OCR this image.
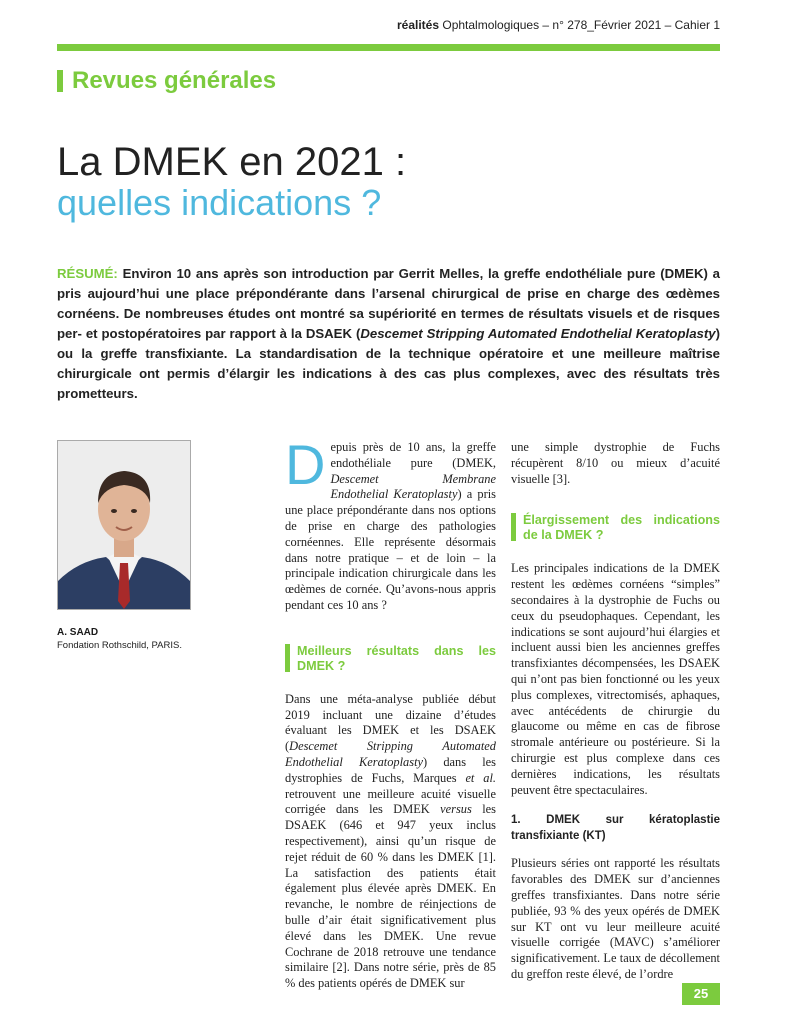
réalités Ophtalmologiques – n° 278_Février 2021 – Cahier 1
Revues générales
La DMEK en 2021 :
quelles indications ?
RÉSUMÉ: Environ 10 ans après son introduction par Gerrit Melles, la greffe endothéliale pure (DMEK) a pris aujourd’hui une place prépondérante dans l’arsenal chirurgical de prise en charge des œdèmes cornéens. De nombreuses études ont montré sa supériorité en termes de résultats visuels et de risques per- et postopératoires par rapport à la DSAEK (Descemet Stripping Automated Endothelial Keratoplasty) ou la greffe transfixiante. La standardisation de la technique opératoire et une meilleure maîtrise chirurgicale ont permis d’élargir les indications à des cas plus complexes, avec des résultats très prometteurs.
A. SAAD
Fondation Rothschild, PARIS.

Depuis près de 10 ans, la greffe endothéliale pure (DMEK, Descemet Membrane Endothelial Keratoplasty) a pris une place prépondérante dans nos options de prise en charge des pathologies cornéennes. Elle représente désormais dans notre pratique – et de loin – la principale indication chirurgicale dans les œdèmes de cornée. Qu’avons-nous appris pendant ces 10 ans ?

Meilleurs résultats dans les DMEK ?

Dans une méta-analyse publiée début 2019 incluant une dizaine d’études évaluant les DMEK et les DSAEK (Descemet Stripping Automated Endothelial Keratoplasty) dans les dystrophies de Fuchs, Marques et al. retrouvent une meilleure acuité visuelle corrigée dans les DMEK versus les DSAEK (646 et 947 yeux inclus respectivement), ainsi qu’un risque de rejet réduit de 60 % dans les DMEK [1]. La satisfaction des patients était également plus élevée après DMEK. En revanche, le nombre de réinjections de bulle d’air était significativement plus élevé dans les DMEK. Une revue Cochrane de 2018 retrouve une tendance similaire [2]. Dans notre série, près de 85 % des patients opérés de DMEK sur

une simple dystrophie de Fuchs récupèrent 8/10 ou mieux d’acuité visuelle [3].

Élargissement des indications de la DMEK ?

Les principales indications de la DMEK restent les œdèmes cornéens “simples” secondaires à la dystrophie de Fuchs ou ceux du pseudophaques. Cependant, les indications se sont aujourd’hui élargies et incluent aussi bien les anciennes greffes transfixiantes décompensées, les DSAEK qui n’ont pas bien fonctionné ou les yeux plus complexes, vitrectomisés, aphaques, avec antécédents de chirurgie du glaucome ou même en cas de fibrose stromale antérieure ou postérieure. Si la chirurgie est plus complexe dans ces dernières indications, les résultats peuvent être spectaculaires.

1. DMEK sur kératoplastie transfixiante (KT)

Plusieurs séries ont rapporté les résultats favorables des DMEK sur d’anciennes greffes transfixiantes. Dans notre série publiée, 93 % des yeux opérés de DMEK sur KT ont vu leur meilleure acuité visuelle corrigée (MAVC) s’améliorer significativement. Le taux de décollement du greffon reste élevé, de l’ordre

25
